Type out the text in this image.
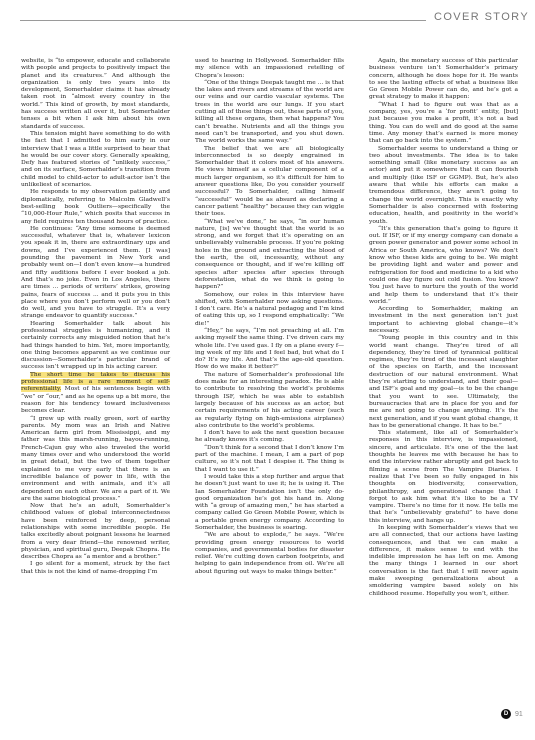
COVER STORY

website, is “to empower, educate and collaborate with people and projects to positively impact the planet and its creatures.” And although the organization is only two years into its development, Somerhalder claims it has already taken root in “almost every country in the world.” This kind of growth, by most standards, has success written all over it, but Somerhalder tenses a bit when I ask him about his own standards of success.

This tension might have something to do with the fact that I admitted to him early in our interview that I was a little surprised to hear that he would be our cover story. Generally speaking, Defy has featured stories of “unlikely success,” and on its surface, Somerhalder’s transition from child model to child-actor to adult-actor isn’t the unlikeliest of scenarios.

He responds to my observation patiently and diplomatically, referring to Malcolm Gladwell’s best-selling book Outliers—specifically the “10,000-Hour Rule,” which posits that success in any field requires ten thousand hours of practice.

He continues: “Any time someone is deemed successful, whatever that is, whatever lexicon you speak it in, there are extraordinary ups and downs, and I’ve experienced them. [I was] pounding the pavement in New York and probably went on—I don’t even know—a hundred and fifty auditions before I ever booked a job. And that’s no joke. Even in Los Angeles, there are times ... periods of writers’ strikes, growing pains, fears of success ... and it puts you in this place where you don’t perform well or you don’t do well, and you have to struggle. It’s a very strange endeavor to quantify success.”

Hearing Somerhalder talk about his professional struggles is humanizing, and it certainly corrects any misguided notion that he’s had things handed to him. Yet, more importantly, one thing becomes apparent as we continue our discussion—Somerhalder’s particular brand of success isn’t wrapped up in his acting career.

The short time he takes to discuss his professional life is a rare moment of self-referentiality. Most of his sentences begin with “we” or “our,” and as he opens up a bit more, the reason for his tendency toward inclusiveness becomes clear.

“I grew up with really green, sort of earthy parents. My mom was an Irish and Native American farm girl from Mississippi, and my father was this marsh-running, bayou-running, French-Cajun guy who also traveled the world many times over and who understood the world in great detail, but the two of them together explained to me very early that there is an incredible balance of power in life, with the environment and with animals, and it’s all dependent on each other. We are a part of it. We are the same biological process.”

Now that he’s an adult, Somerhalder’s childhood values of global interconnectedness have been reinforced by deep, personal relationships with some incredible people. He talks excitedly about poignant lessons he learned from a very dear friend—the renowned writer, physician, and spiritual guru, Deepak Chopra. He describes Chopra as “a mentor and a brother.”

I go silent for a moment, struck by the fact that this is not the kind of name-dropping I’m

used to hearing in Hollywood. Somerhalder fills my silence with an impassioned retelling of Chopra’s lesson:

“One of the things Deepak taught me ... is that the lakes and rivers and streams of the world are our veins and our cardio vascular systems. The trees in the world are our lungs. If you start cutting all of these things out, these parts of you, killing all these organs, then what happens? You can’t breathe. Nutrients and all the things you need can’t be transported, and you shut down. The world works the same way.”

The belief that we are all biologically interconnected is so deeply engrained in Somerhalder that it colors most of his answers. He views himself as a cellular component of a much larger organism, so it’s difficult for him to answer questions like, Do you consider yourself successful? To Somerhalder, calling himself “successful” would be as absurd as declaring a cancer patient “healthy” because they can wiggle their toes.

“What we’ve done,” he says, “in our human nature, [is] we’ve thought that the world is so strong, and we forget that it’s operating on an unbelievably vulnerable process. If you’re poking holes in the ground and extracting the blood of the earth, the oil, incessantly, without any consequence or thought, and if we’re killing off species after species after species through deforestation, what do we think is going to happen?”

Somehow, our roles in this interview have shifted, with Somerhalder now asking questions. I don’t care. He’s a natural pedagog and I’m kind of eating this up, so I respond emphatically: “We die!”

“Hey,” he says, “I’m not preaching at all. I’m asking myself the same thing. I’ve driven cars my whole life. I’ve used gas. I fly on a plane every f—ing week of my life and I feel bad, but what do I do? It’s my life. And that’s the age-old question. How do we make it better?”

The nature of Somerhalder’s professional life does make for an interesting paradox. He is able to contribute to resolving the world’s problems through ISF, which he was able to establish largely because of his success as an actor, but certain requirements of his acting career (such as regularly flying on high-emissions airplanes) also contribute to the world’s problems.

I don’t have to ask the next question because he already knows it’s coming.

“Don’t think for a second that I don’t know I’m part of the machine. I mean, I am a part of pop culture, so it’s not that I despise it. The thing is that I want to use it.”

I would take this a step further and argue that he doesn’t just want to use it; he is using it. The Ian Somerhalder Foundation isn’t the only do-good organization he’s got his hand in. Along with “a group of amazing men,” he has started a company called Go Green Mobile Power, which is a portable green energy company. According to Somerhalder, the business is soaring.

“We are about to explode,” he says. “We’re providing green energy resources to world companies, and governmental bodies for disaster relief. We’re cutting down carbon footprints, and helping to gain independence from oil. We’re all about figuring out ways to make things better.”

Again, the monetary success of this particular business venture isn’t Somerhalder’s primary concern, although he does hope for it. He wants to see the lasting effects of what a business like Go Green Mobile Power can do, and he’s got a great strategy to make it happen:

“What I had to figure out was that as a company, yes, you’re a ‘for profit’ entity, [but] just because you make a profit, it’s not a bad thing. You can do well and do good at the same time. Any money that’s earned is more money that can go back into the system.”

Somerhalder seems to understand a thing or two about investments. The idea is to take something small (like monetary success as an actor) and put it somewhere that it can flourish and multiply (like ISF or GGMP). But, he’s also aware that while his efforts can make a tremendous difference, they aren’t going to change the world overnight. This is exactly why Somerhalder is also concerned with fostering education, health, and positivity in the world’s youth.

“It’s this generation that’s going to figure it out. If ISF, or if my energy company can donate a green power generator and power some school in Africa or South America, who knows? We don’t know who these kids are going to be. We might be providing light and water and power and refrigeration for food and medicine to a kid who could one day figure out cold fusion. You know? You just have to nurture the youth of the world and help them to understand that it’s their world.”

According to Somerhalder, making an investment in the next generation isn’t just important to achieving global change—it’s necessary.

“Young people in this country and in this world want change. They’re tired of all dependency, they’re tired of tyrannical political regimes, they’re tired of the incessant slaughter of the species on Earth, and the incessant destruction of our natural environment. What they’re starting to understand, and their goal—and ISF’s goal and my goal—is to be the change that you want to see. Ultimately, the bureaucracies that are in place for you and for me are not going to change anything. It’s the next generation, and if you want global change, it has to be generational change. It has to be.”

This statement, like all of Somerhalder’s responses in this interview, is impassioned, sincere, and articulate. It’s one of the the last thoughts he leaves me with because he has to end the interview rather abruptly and get back to filming a scene from The Vampire Diaries. I realize that I’ve been so fully engaged in his thoughts on biodiversity, conservation, philanthropy, and generational change that I forgot to ask him what it’s like to be a TV vampire. There’s no time for it now. He tells me that he’s “unbelievably grateful” to have done this interview, and hangs up.

In keeping with Somerhalder’s views that we are all connected, that our actions have lasting consequences, and that we can make a difference, it makes sense to end with the indelible impression he has left on me. Among the many things I learned in our short conversation is the fact that I will never again make sweeping generalizations about a smoldering vampire based solely on his childhood resume. Hopefully you won’t, either.

D 91
